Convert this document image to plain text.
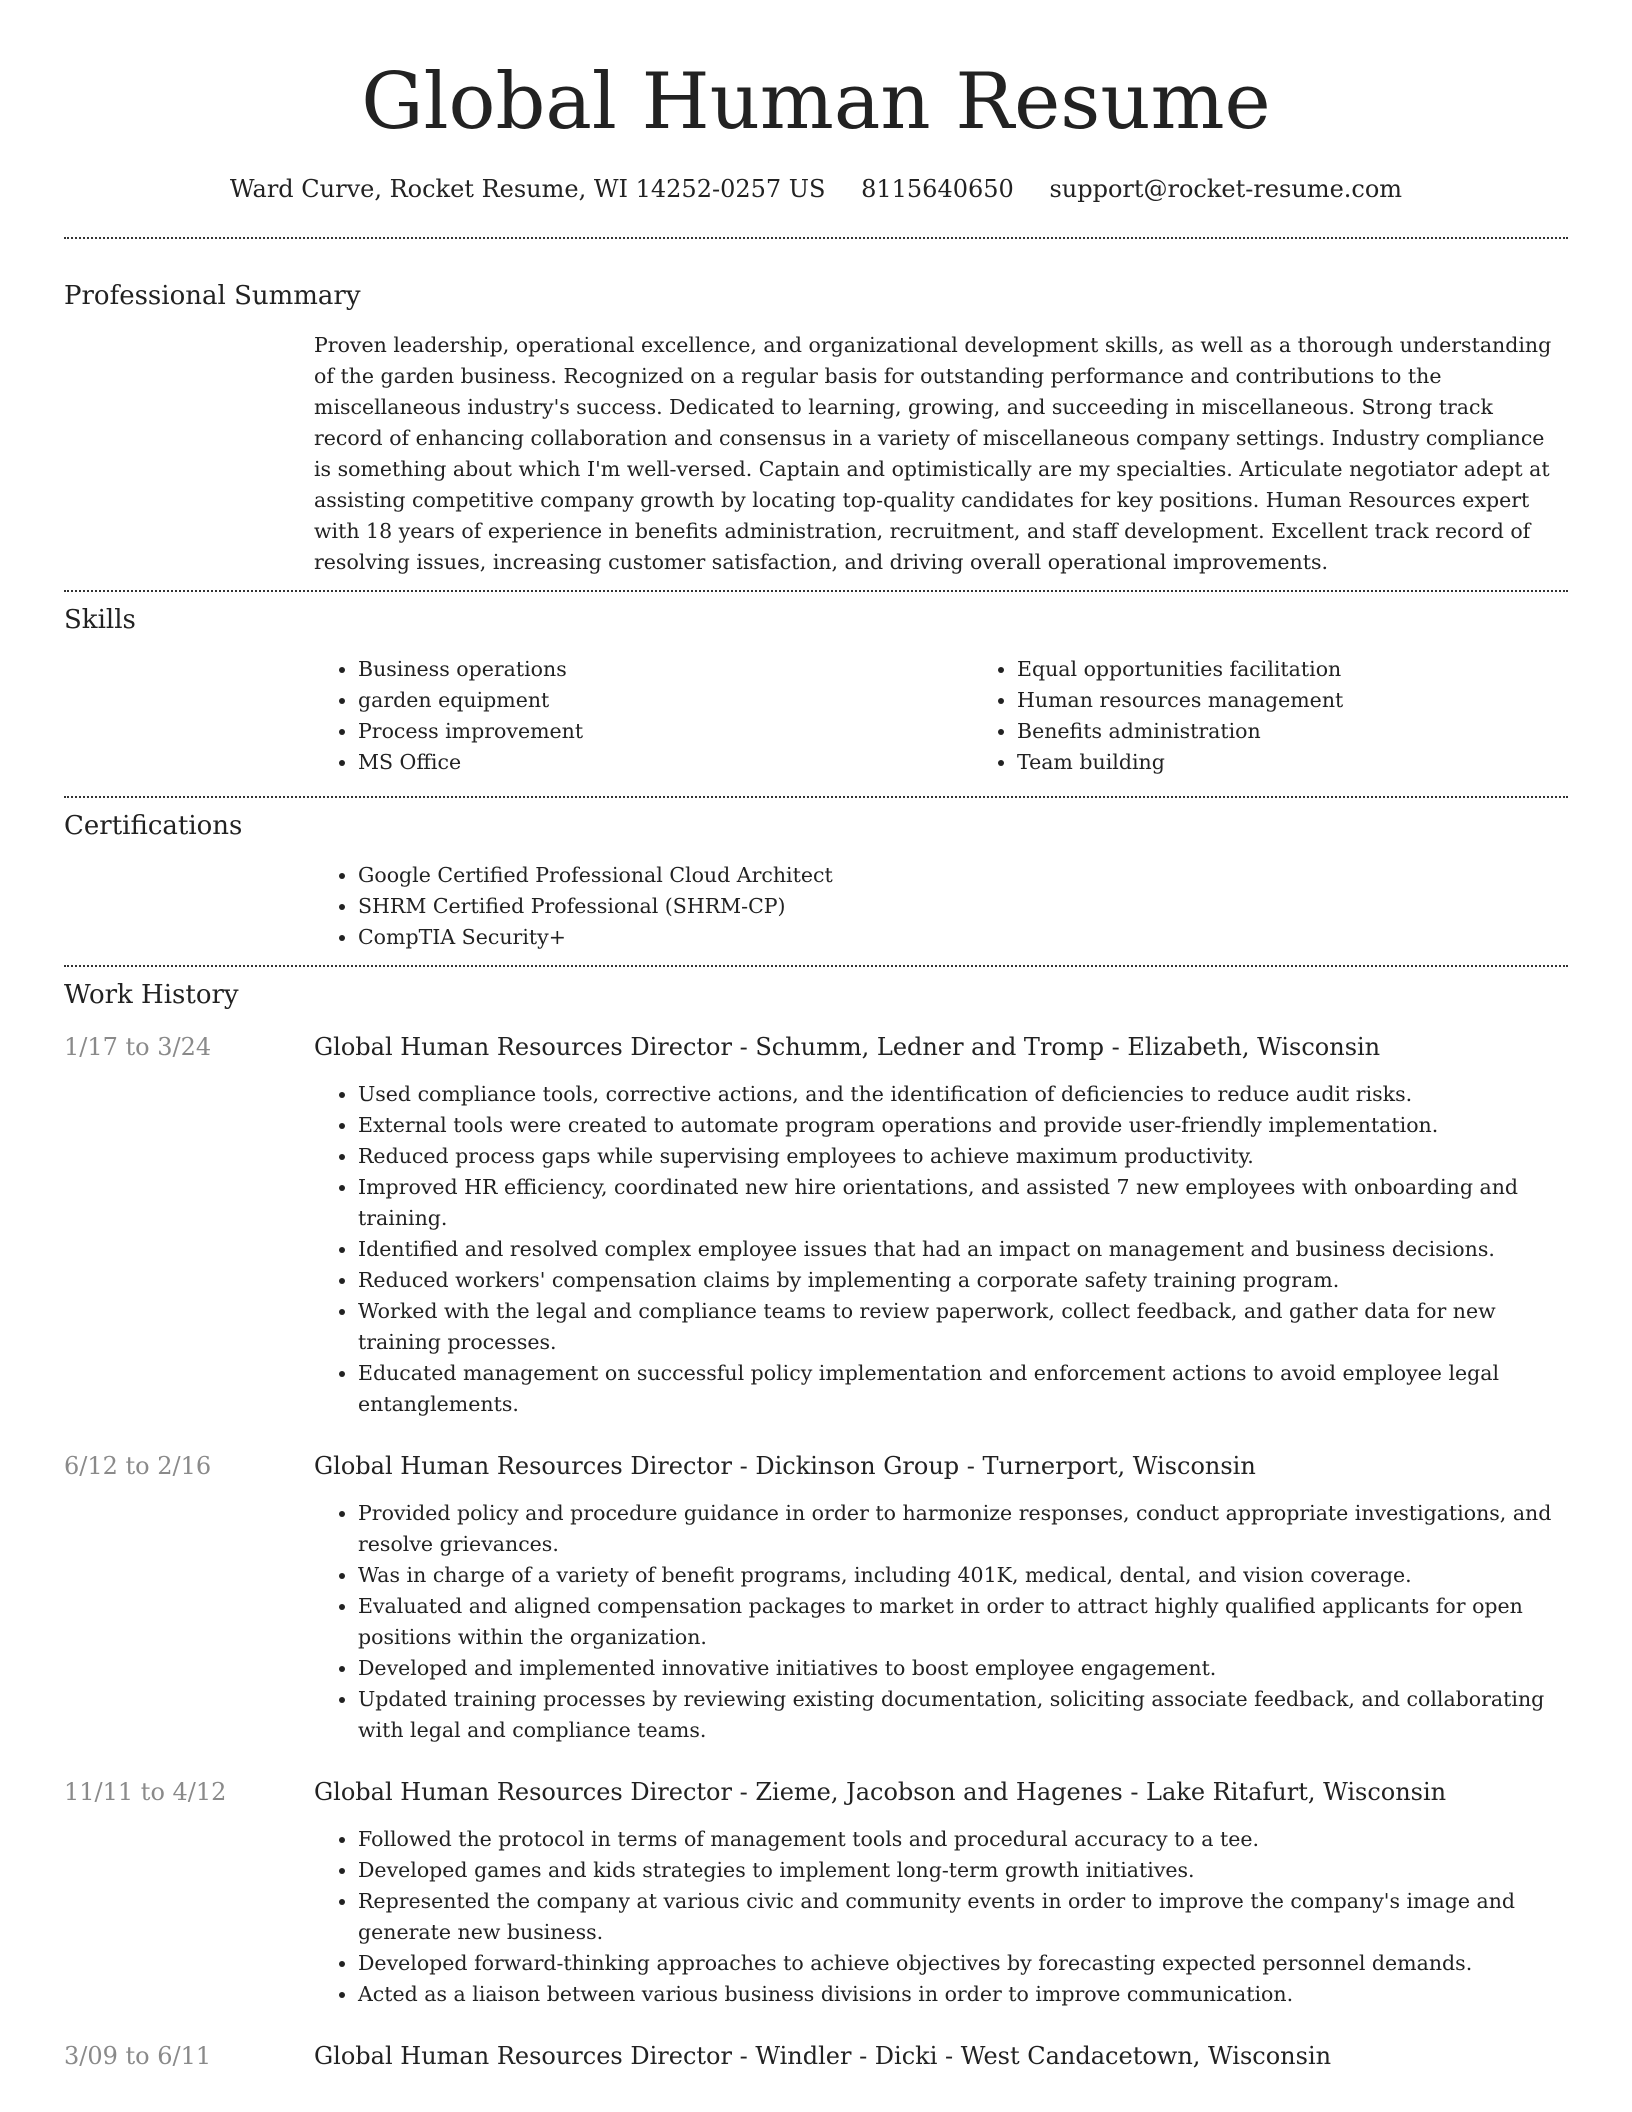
Global Human Resume
Ward Curve, Rocket Resume, WI 14252-0257 US 8115640650 support@rocket-resume.com
Professional Summary
Proven leadership, operational excellence, and organizational development skills, as well as a thorough understanding of the garden business. Recognized on a regular basis for outstanding performance and contributions to the miscellaneous industry's success. Dedicated to learning, growing, and succeeding in miscellaneous. Strong track record of enhancing collaboration and consensus in a variety of miscellaneous company settings. Industry compliance is something about which I'm well-versed. Captain and optimistically are my specialties. Articulate negotiator adept at assisting competitive company growth by locating top-quality candidates for key positions. Human Resources expert with 18 years of experience in benefits administration, recruitment, and staff development. Excellent track record of resolving issues, increasing customer satisfaction, and driving overall operational improvements.
Skills
• Business operations
• garden equipment
• Process improvement
• MS Office
• Equal opportunities facilitation
• Human resources management
• Benefits administration
• Team building
Certifications
• Google Certified Professional Cloud Architect
• SHRM Certified Professional (SHRM-CP)
• CompTIA Security+
Work History
1/17 to 3/24	Global Human Resources Director - Schumm, Ledner and Tromp - Elizabeth, Wisconsin
• Used compliance tools, corrective actions, and the identification of deficiencies to reduce audit risks.
• External tools were created to automate program operations and provide user-friendly implementation.
• Reduced process gaps while supervising employees to achieve maximum productivity.
• Improved HR efficiency, coordinated new hire orientations, and assisted 7 new employees with onboarding and training.
• Identified and resolved complex employee issues that had an impact on management and business decisions.
• Reduced workers' compensation claims by implementing a corporate safety training program.
• Worked with the legal and compliance teams to review paperwork, collect feedback, and gather data for new training processes.
• Educated management on successful policy implementation and enforcement actions to avoid employee legal entanglements.
6/12 to 2/16	Global Human Resources Director - Dickinson Group - Turnerport, Wisconsin
• Provided policy and procedure guidance in order to harmonize responses, conduct appropriate investigations, and resolve grievances.
• Was in charge of a variety of benefit programs, including 401K, medical, dental, and vision coverage.
• Evaluated and aligned compensation packages to market in order to attract highly qualified applicants for open positions within the organization.
• Developed and implemented innovative initiatives to boost employee engagement.
• Updated training processes by reviewing existing documentation, soliciting associate feedback, and collaborating with legal and compliance teams.
11/11 to 4/12	Global Human Resources Director - Zieme, Jacobson and Hagenes - Lake Ritafurt, Wisconsin
• Followed the protocol in terms of management tools and procedural accuracy to a tee.
• Developed games and kids strategies to implement long-term growth initiatives.
• Represented the company at various civic and community events in order to improve the company's image and generate new business.
• Developed forward-thinking approaches to achieve objectives by forecasting expected personnel demands.
• Acted as a liaison between various business divisions in order to improve communication.
3/09 to 6/11	Global Human Resources Director - Windler - Dicki - West Candacetown, Wisconsin
